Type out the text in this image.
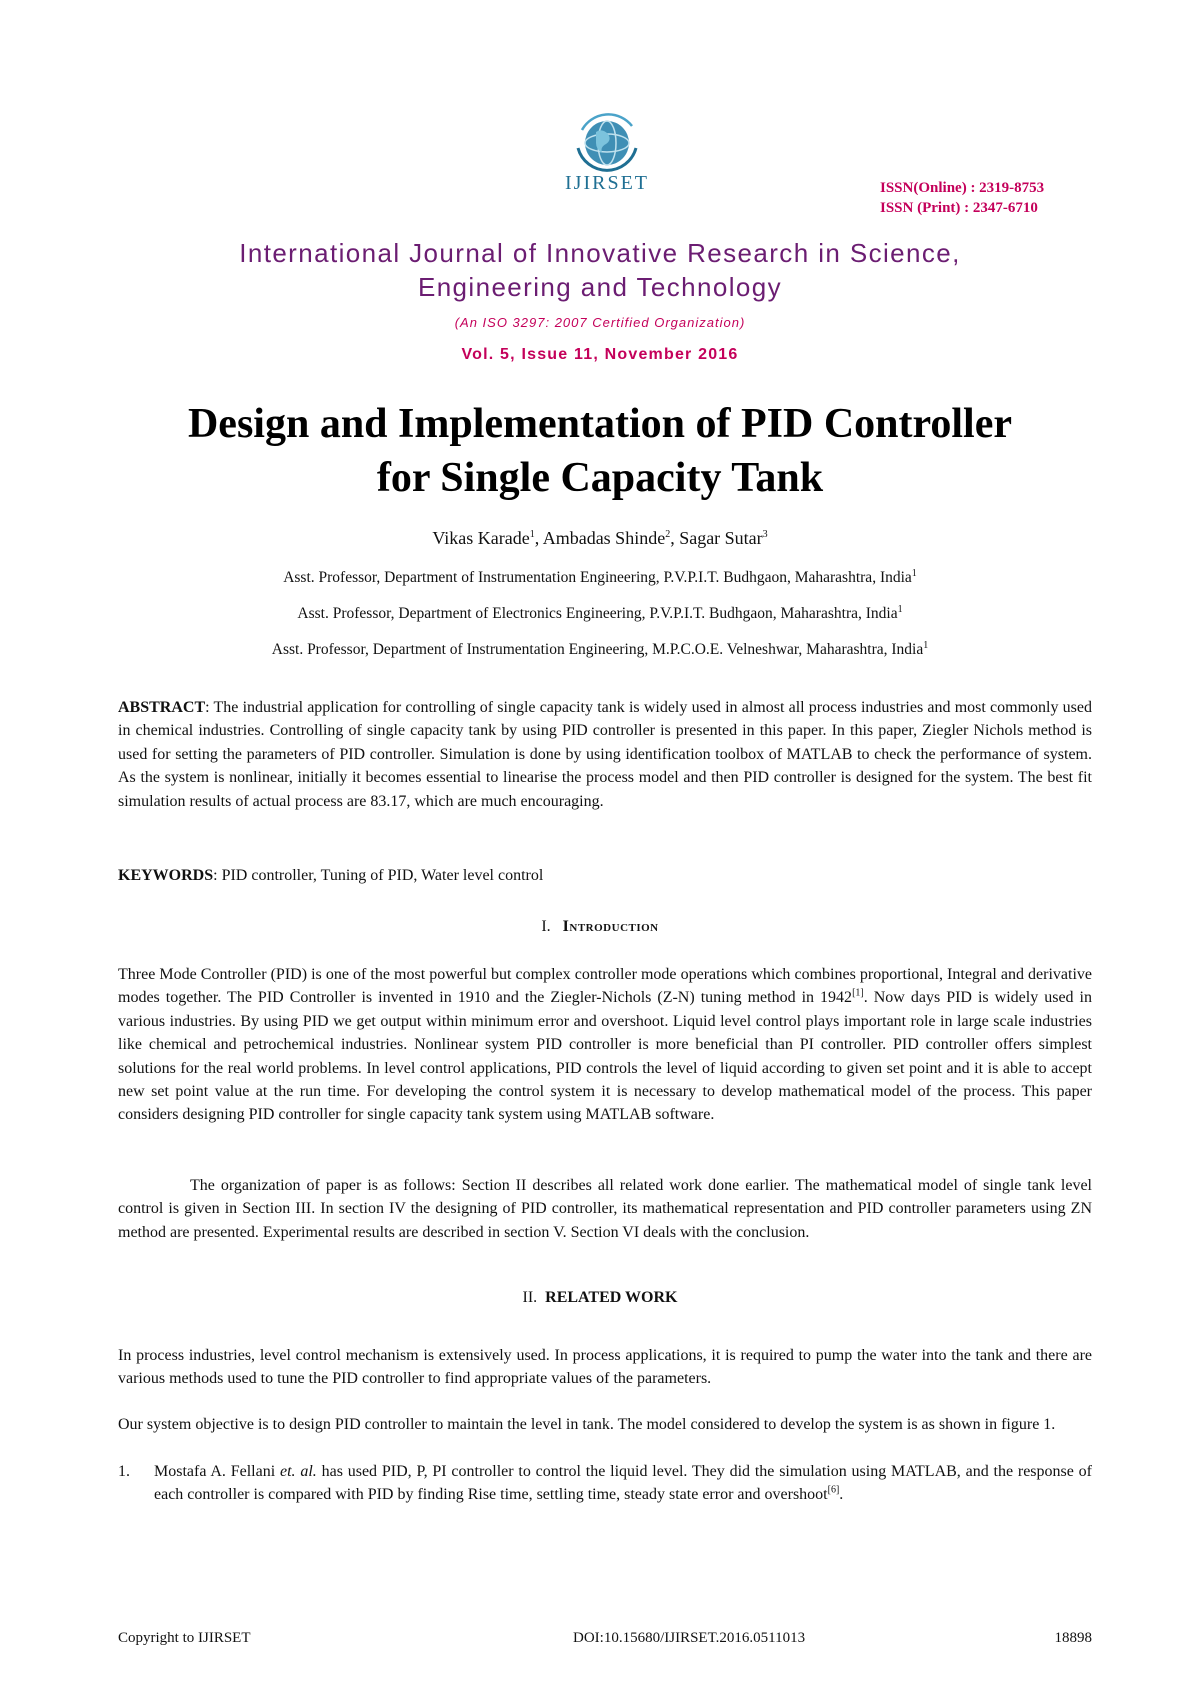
IJIRSET	ISSN(Online) : 2319-8753
ISSN (Print) : 2347-6710
International Journal of Innovative Research in Science,
Engineering and Technology
(An ISO 3297: 2007 Certified Organization)
Vol. 5, Issue 11, November 2016
Design and Implementation of PID Controller
for Single Capacity Tank
Vikas Karade$^1$, Ambadas Shinde$^2$, Sagar Sutar$^3$
Asst. Professor, Department of Instrumentation Engineering, P.V.P.I.T. Budhgaon, Maharashtra, India$^1$
Asst. Professor, Department of Electronics Engineering, P.V.P.I.T. Budhgaon, Maharashtra, India$^1$
Asst. Professor, Department of Instrumentation Engineering, M.P.C.O.E. Velneshwar, Maharashtra, India$^1$
ABSTRACT: The industrial application for controlling of single capacity tank is widely used in almost all process industries and most commonly used in chemical industries. Controlling of single capacity tank by using PID controller is presented in this paper. In this paper, Ziegler Nichols method is used for setting the parameters of PID controller. Simulation is done by using identification toolbox of MATLAB to check the performance of system. As the system is nonlinear, initially it becomes essential to linearise the process model and then PID controller is designed for the system. The best fit simulation results of actual process are 83.17, which are much encouraging.
KEYWORDS: PID controller, Tuning of PID, Water level control
I. Introduction
Three Mode Controller (PID) is one of the most powerful but complex controller mode operations which combines proportional, Integral and derivative modes together. The PID Controller is invented in 1910 and the Ziegler-Nichols (Z-N) tuning method in 1942[1]. Now days PID is widely used in various industries. By using PID we get output within minimum error and overshoot. Liquid level control plays important role in large scale industries like chemical and petrochemical industries. Nonlinear system PID controller is more beneficial than PI controller. PID controller offers simplest solutions for the real world problems. In level control applications, PID controls the level of liquid according to given set point and it is able to accept new set point value at the run time. For developing the control system it is necessary to develop mathematical model of the process. This paper considers designing PID controller for single capacity tank system using MATLAB software.
The organization of paper is as follows: Section II describes all related work done earlier. The mathematical model of single tank level control is given in Section III. In section IV the designing of PID controller, its mathematical representation and PID controller parameters using ZN method are presented. Experimental results are described in section V. Section VI deals with the conclusion.
II. RELATED WORK
In process industries, level control mechanism is extensively used. In process applications, it is required to pump the water into the tank and there are various methods used to tune the PID controller to find appropriate values of the parameters.
Our system objective is to design PID controller to maintain the level in tank. The model considered to develop the system is as shown in figure 1.
1. Mostafa A. Fellani et. al. has used PID, P, PI controller to control the liquid level. They did the simulation using MATLAB, and the response of each controller is compared with PID by finding Rise time, settling time, steady state error and overshoot[6].
Copyright to IJIRSET	DOI:10.15680/IJIRSET.2016.0511013	18898
